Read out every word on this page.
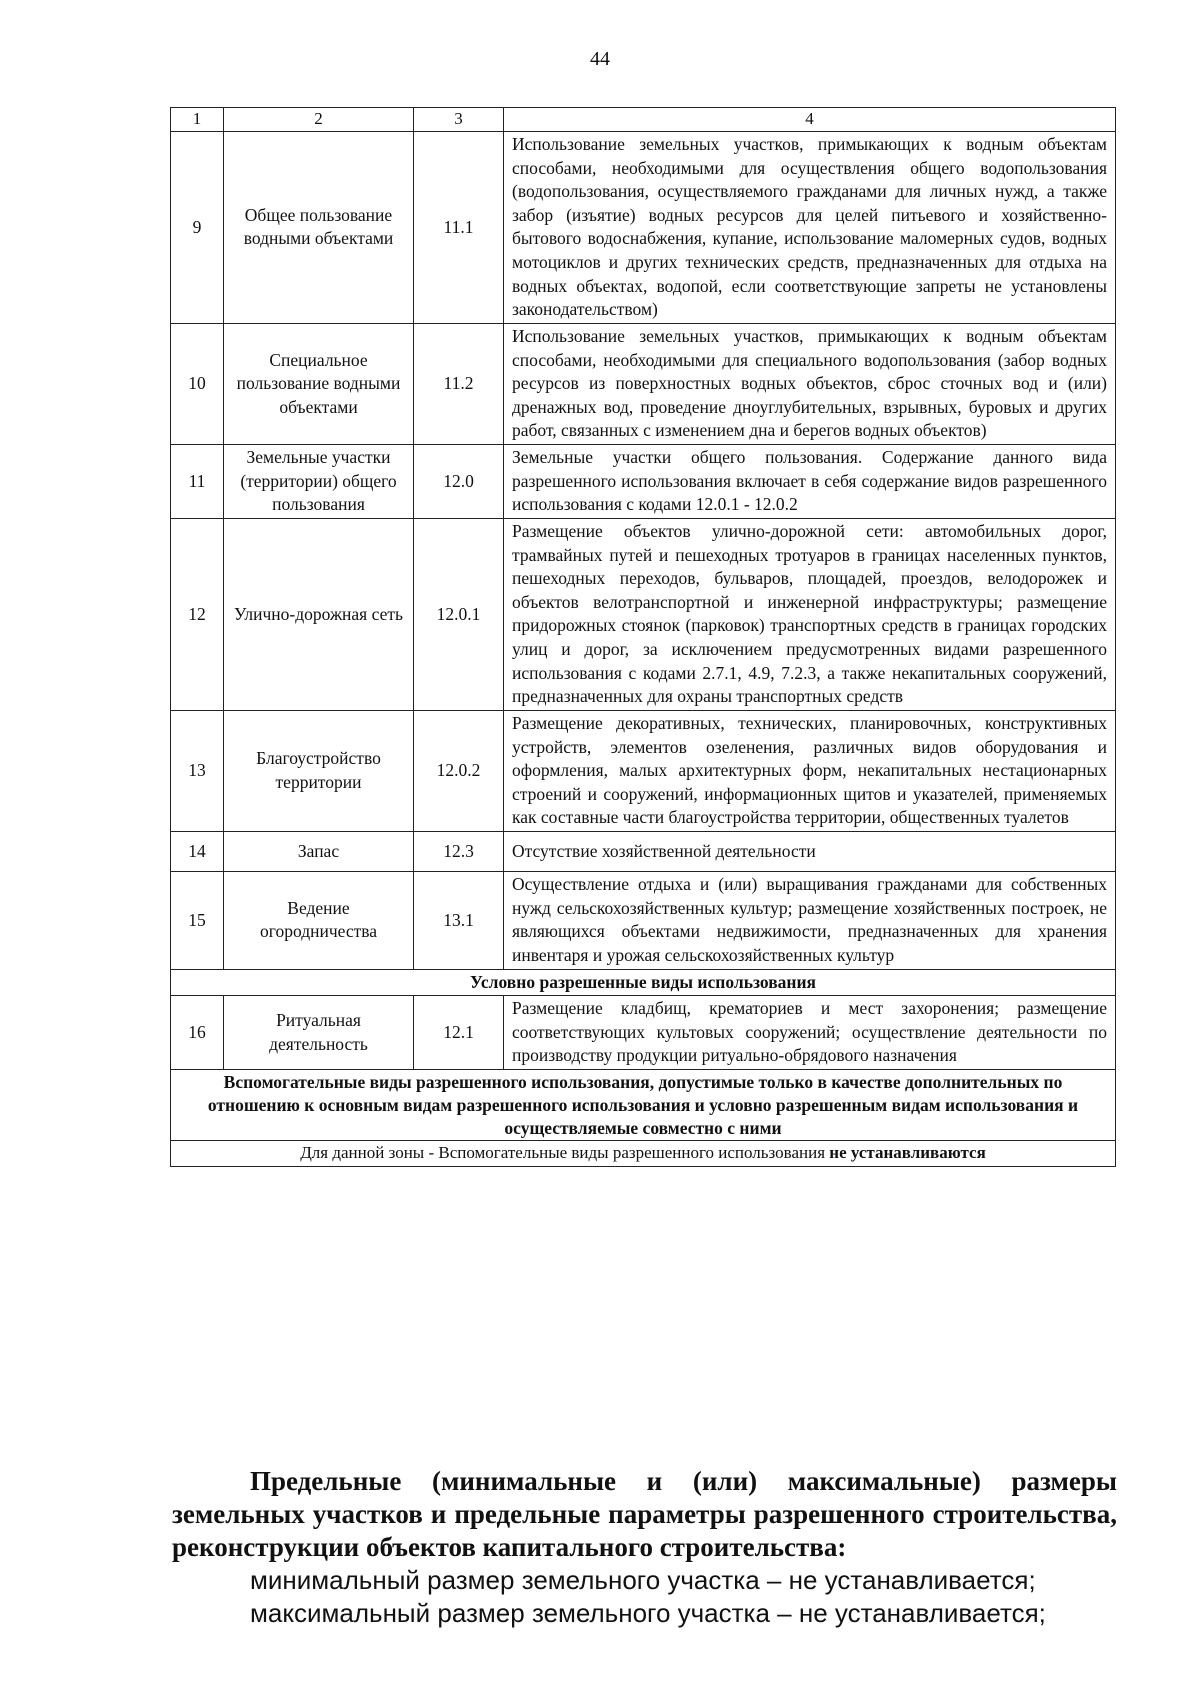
44
1	2	3	4
9	Общее пользование водными объектами	11.1	Использование земельных участков, примыкающих к водным объектам способами, необходимыми для осуществления общего водопользования (водопользования, осуществляемого гражданами для личных нужд, а также забор (изъятие) водных ресурсов для целей питьевого и хозяйственно-бытового водоснабжения, купание, использование маломерных судов, водных мотоциклов и других технических средств, предназначенных для отдыха на водных объектах, водопой, если соответствующие запреты не установлены законодательством)
10	Специальное пользование водными объектами	11.2	Использование земельных участков, примыкающих к водным объектам способами, необходимыми для специального водопользования (забор водных ресурсов из поверхностных водных объектов, сброс сточных вод и (или) дренажных вод, проведение дноуглубительных, взрывных, буровых и других работ, связанных с изменением дна и берегов водных объектов)
11	Земельные участки (территории) общего пользования	12.0	Земельные участки общего пользования. Содержание данного вида разрешенного использования включает в себя содержание видов разрешенного использования с кодами 12.0.1 - 12.0.2
12	Улично-дорожная сеть	12.0.1	Размещение объектов улично-дорожной сети: автомобильных дорог, трамвайных путей и пешеходных тротуаров в границах населенных пунктов, пешеходных переходов, бульваров, площадей, проездов, велодорожек и объектов велотранспортной и инженерной инфраструктуры; размещение придорожных стоянок (парковок) транспортных средств в границах городских улиц и дорог, за исключением предусмотренных видами разрешенного использования с кодами 2.7.1, 4.9, 7.2.3, а также некапитальных сооружений, предназначенных для охраны транспортных средств
13	Благоустройство территории	12.0.2	Размещение декоративных, технических, планировочных, конструктивных устройств, элементов озеленения, различных видов оборудования и оформления, малых архитектурных форм, некапитальных нестационарных строений и сооружений, информационных щитов и указателей, применяемых как составные части благоустройства территории, общественных туалетов
14	Запас	12.3	Отсутствие хозяйственной деятельности
15	Ведение огородничества	13.1	Осуществление отдыха и (или) выращивания гражданами для собственных нужд сельскохозяйственных культур; размещение хозяйственных построек, не являющихся объектами недвижимости, предназначенных для хранения инвентаря и урожая сельскохозяйственных культур
Условно разрешенные виды использования			
16	Ритуальная деятельность	12.1	Размещение кладбищ, крематориев и мест захоронения; размещение соответствующих культовых сооружений; осуществление деятельности по производству продукции ритуально-обрядового назначения
Вспомогательные виды разрешенного использования, допустимые только в качестве дополнительных по отношению к основным видам разрешенного использования и условно разрешенным видам использования и осуществляемые совместно с ними			
Для данной зоны - Вспомогательные виды разрешенного использования не устанавливаются			

Предельные (минимальные и (или) максимальные) размеры земельных участков и предельные параметры разрешенного строительства, реконструкции объектов капитального строительства:

минимальный размер земельного участка – не устанавливается;

максимальный размер земельного участка – не устанавливается;
